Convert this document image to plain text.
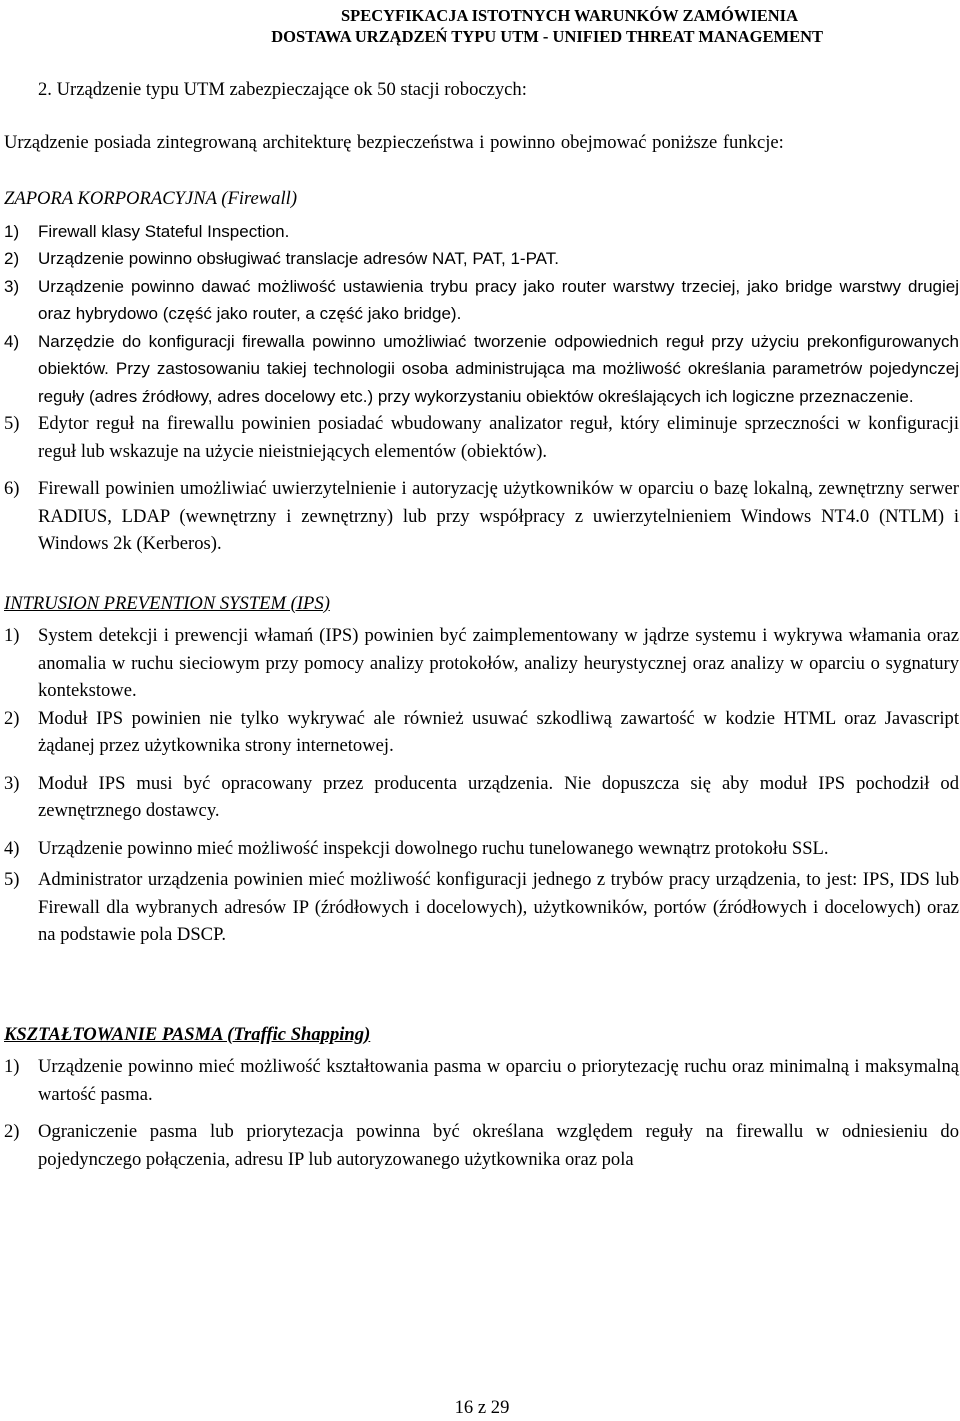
SPECYFIKACJA ISTOTNYCH WARUNKÓW ZAMÓWIENIA
DOSTAWA URZĄDZEŃ TYPU UTM - UNIFIED THREAT MANAGEMENT

2. Urządzenie typu UTM zabezpieczające ok 50 stacji roboczych:

Urządzenie posiada zintegrowaną architekturę bezpieczeństwa i powinno obejmować poniższe funkcje:

ZAPORA KORPORACYJNA (Firewall)

1) Firewall klasy Stateful Inspection.
2) Urządzenie powinno obsługiwać translacje adresów NAT, PAT, 1-PAT.
3) Urządzenie powinno dawać możliwość ustawienia trybu pracy jako router warstwy trzeciej, jako bridge warstwy drugiej oraz hybrydowo (część jako router, a część jako bridge).
4) Narzędzie do konfiguracji firewalla powinno umożliwiać tworzenie odpowiednich reguł przy użyciu prekonfigurowanych obiektów. Przy zastosowaniu takiej technologii osoba administrująca ma możliwość określania parametrów pojedynczej reguły (adres źródłowy, adres docelowy etc.) przy wykorzystaniu obiektów określających ich logiczne przeznaczenie.
5) Edytor reguł na firewallu powinien posiadać wbudowany analizator reguł, który eliminuje sprzeczności w konfiguracji reguł lub wskazuje na użycie nieistniejących elementów (obiektów).
6) Firewall powinien umożliwiać uwierzytelnienie i autoryzację użytkowników w oparciu o bazę lokalną, zewnętrzny serwer RADIUS, LDAP (wewnętrzny i zewnętrzny) lub przy współpracy z uwierzytelnieniem Windows NT4.0 (NTLM) i Windows 2k (Kerberos).

INTRUSION PREVENTION SYSTEM (IPS)

1) System detekcji i prewencji włamań (IPS) powinien być zaimplementowany w jądrze systemu i wykrywa włamania oraz anomalia w ruchu sieciowym przy pomocy analizy protokołów, analizy heurystycznej oraz analizy w oparciu o sygnatury kontekstowe.
2) Moduł IPS powinien nie tylko wykrywać ale również usuwać szkodliwą zawartość w kodzie HTML oraz Javascript żądanej przez użytkownika strony internetowej.
3) Moduł IPS musi być opracowany przez producenta urządzenia. Nie dopuszcza się aby moduł IPS pochodził od zewnętrznego dostawcy.
4) Urządzenie powinno mieć możliwość inspekcji dowolnego ruchu tunelowanego wewnątrz protokołu SSL.
5) Administrator urządzenia powinien mieć możliwość konfiguracji jednego z trybów pracy urządzenia, to jest: IPS, IDS lub Firewall dla wybranych adresów IP (źródłowych i docelowych), użytkowników, portów (źródłowych i docelowych) oraz na podstawie pola DSCP.

KSZTAŁTOWANIE PASMA (Traffic Shapping)

1) Urządzenie powinno mieć możliwość kształtowania pasma w oparciu o priorytezację ruchu oraz minimalną i maksymalną wartość pasma.
2) Ograniczenie pasma lub priorytezacja powinna być określana względem reguły na firewallu w odniesieniu do pojedynczego połączenia, adresu IP lub autoryzowanego użytkownika oraz pola
16 z 29
